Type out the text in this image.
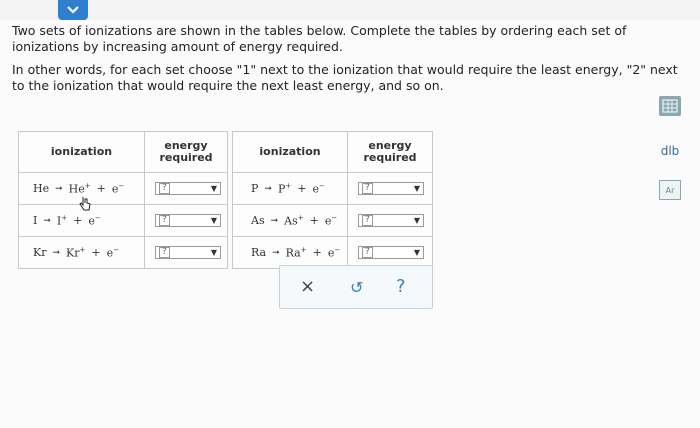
Two sets of ionizations are shown in the tables below. Complete the tables by ordering each set of ionizations by increasing amount of energy required.

In other words, for each set choose "1" next to the ionization that would require the least energy, "2" next to the ionization that would require the next least energy, and so on.

dlb
Ar
ionization	energy
required

He ➞ He+ + e−	? ▼

I ➞ I+ + e−	? ▼

Kr ➞ Kr+ + e−	? ▼
ionization	energy
required

P ➞ P+ + e−	? ▼

As ➞ As+ + e−	? ▼

Ra ➞ Ra+ + e−	? ▼
× ↺ ?
